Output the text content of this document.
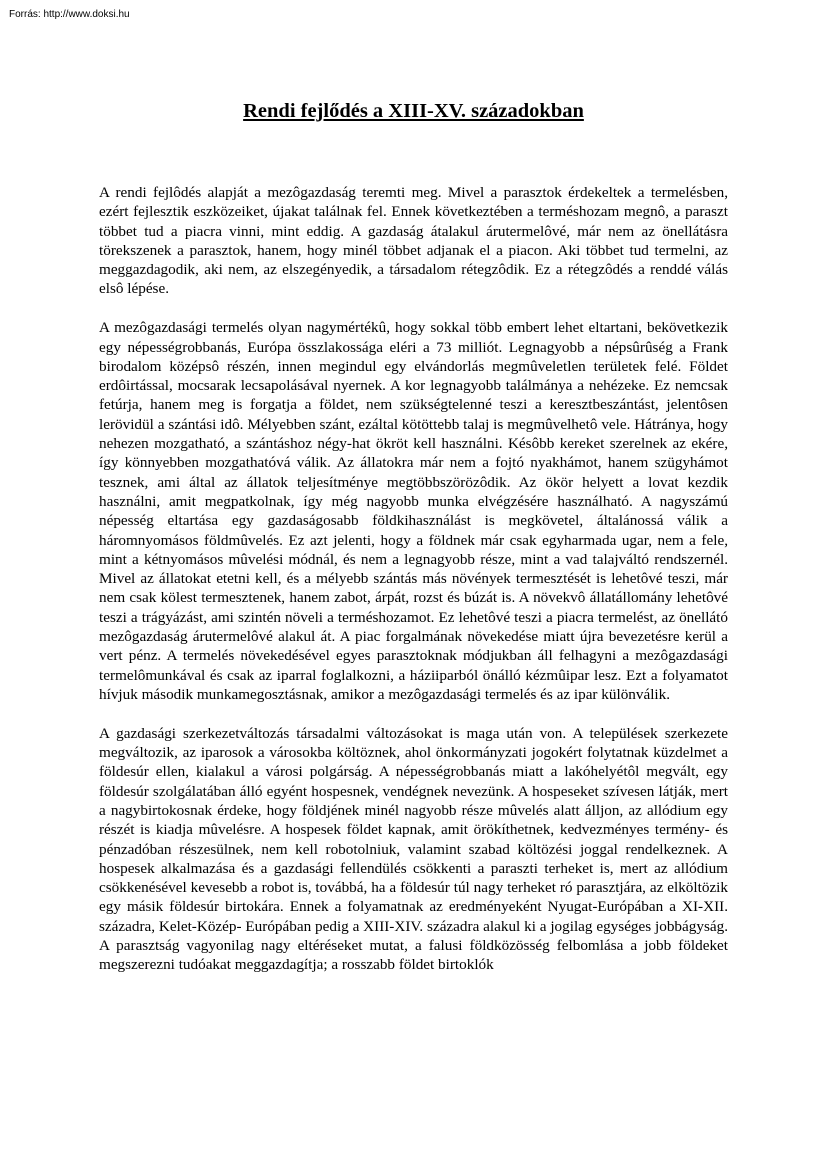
Forrás: http://www.doksi.hu

Rendi fejlődés a XIII-XV. századokban

A rendi fejlôdés alapját a mezôgazdaság teremti meg. Mivel a parasztok érdekeltek a termelésben, ezért fejlesztik eszközeiket, újakat találnak fel. Ennek következtében a terméshozam megnô, a paraszt többet tud a piacra vinni, mint eddig. A gazdaság átalakul árutermelôvé, már nem az önellátásra törekszenek a parasztok, hanem, hogy minél többet adjanak el a piacon. Aki többet tud termelni, az meggazdagodik, aki nem, az elszegényedik, a társadalom rétegzôdik. Ez a rétegzôdés a renddé válás elsô lépése.

A mezôgazdasági termelés olyan nagymértékû, hogy sokkal több embert lehet eltartani, bekövetkezik egy népességrobbanás, Európa összlakossága eléri a 73 milliót. Legnagyobb a népsûrûség a Frank birodalom középsô részén, innen megindul egy elvándorlás megmûveletlen területek felé. Földet erdôirtással, mocsarak lecsapolásával nyernek. A kor legnagyobb találmánya a nehézeke. Ez nemcsak fetúrja, hanem meg is forgatja a földet, nem szükségtelenné teszi a keresztbeszántást, jelentôsen lerövidül a szántási idô. Mélyebben szánt, ezáltal kötöttebb talaj is megmûvelhetô vele. Hátránya, hogy nehezen mozgatható, a szántáshoz négy-hat ökröt kell használni. Késôbb kereket szerelnek az ekére, így könnyebben mozgathatóvá válik. Az állatokra már nem a fojtó nyakhámot, hanem szügyhámot tesznek, ami által az állatok teljesítménye megtöbbszörözôdik. Az ökör helyett a lovat kezdik használni, amit megpatkolnak, így még nagyobb munka elvégzésére használható. A nagyszámú népesség eltartása egy gazdaságosabb földkihasználást is megkövetel, általánossá válik a háromnyomásos földmûvelés. Ez azt jelenti, hogy a földnek már csak egyharmada ugar, nem a fele, mint a kétnyomásos mûvelési módnál, és nem a legnagyobb része, mint a vad talajváltó rendszernél. Mivel az állatokat etetni kell, és a mélyebb szántás más növények termesztését is lehetôvé teszi, már nem csak kölest termesztenek, hanem zabot, árpát, rozst és búzát is. A növekvô állatállomány lehetôvé teszi a trágyázást, ami szintén növeli a terméshozamot. Ez lehetôvé teszi a piacra termelést, az önellátó mezôgazdaság árutermelôvé alakul át. A piac forgalmának növekedése miatt újra bevezetésre kerül a vert pénz. A termelés növekedésével egyes parasztoknak módjukban áll felhagyni a mezôgazdasági termelômunkával és csak az iparral foglalkozni, a háziiparból önálló kézmûipar lesz. Ezt a folyamatot hívjuk második munkamegosztásnak, amikor a mezôgazdasági termelés és az ipar különválik.

A gazdasági szerkezetváltozás társadalmi változásokat is maga után von. A települések szerkezete megváltozik, az iparosok a városokba költöznek, ahol önkormányzati jogokért folytatnak küzdelmet a földesúr ellen, kialakul a városi polgárság. A népességrobbanás miatt a lakóhelyétôl megvált, egy földesúr szolgálatában álló egyént hospesnek, vendégnek nevezünk. A hospeseket szívesen látják, mert a nagybirtokosnak érdeke, hogy földjének minél nagyobb része mûvelés alatt álljon, az allódium egy részét is kiadja mûvelésre. A hospesek földet kapnak, amit örökíthetnek, kedvezményes termény- és pénzadóban részesülnek, nem kell robotolniuk, valamint szabad költözési joggal rendelkeznek. A hospesek alkalmazása és a gazdasági fellendülés csökkenti a paraszti terheket is, mert az allódium csökkenésével kevesebb a robot is, továbbá, ha a földesúr túl nagy terheket ró parasztjára, az elköltözik egy másik földesúr birtokára. Ennek a folyamatnak az eredményeként Nyugat-Európában a XI-XII. századra, Kelet-Közép- Európában pedig a XIII-XIV. századra alakul ki a jogilag egységes jobbágyság. A parasztság vagyonilag nagy eltéréseket mutat, a falusi földközösség felbomlása a jobb földeket megszerezni tudóakat meggazdagítja; a rosszabb földet birtoklók
